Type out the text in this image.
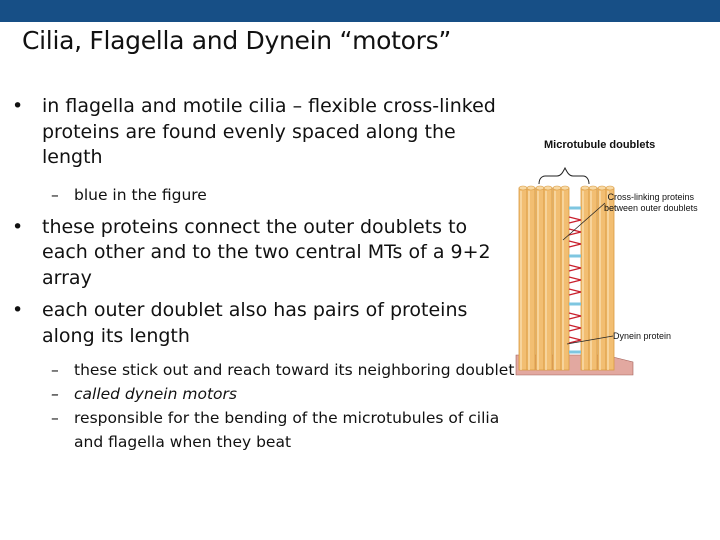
Cilia, Flagella and Dynein “motors”

• in flagella and motile cilia – flexible cross-linked proteins are found evenly spaced along the length

– blue in the figure

• these proteins connect the outer doublets to each other and to the two central MTs of a 9+2 array

• each outer doublet also has pairs of proteins along its length

– these stick out and reach toward its neighboring doublet

– called dynein motors

– responsible for the bending of the microtubules of cilia and flagella when they beat

Microtubule doublets
Cross-linking proteins
between outer doublets
Dynein protein
